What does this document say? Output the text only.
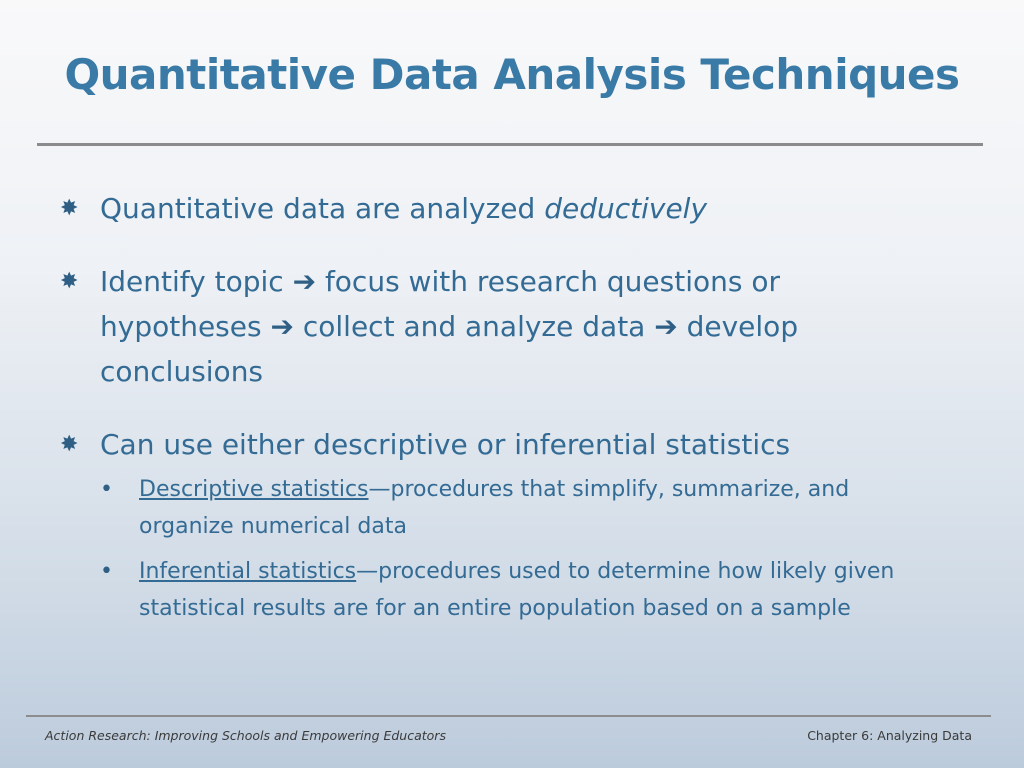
Quantitative Data Analysis Techniques
✸ Quantitative data are analyzed deductively
✸ Identify topic ➔ focus with research questions or hypotheses ➔ collect and analyze data ➔ develop conclusions
✸ Can use either descriptive or inferential statistics
• Descriptive statistics—procedures that simplify, summarize, and organize numerical data
• Inferential statistics—procedures used to determine how likely given statistical results are for an entire population based on a sample
Action Research: Improving Schools and Empowering Educators	Chapter 6: Analyzing Data
